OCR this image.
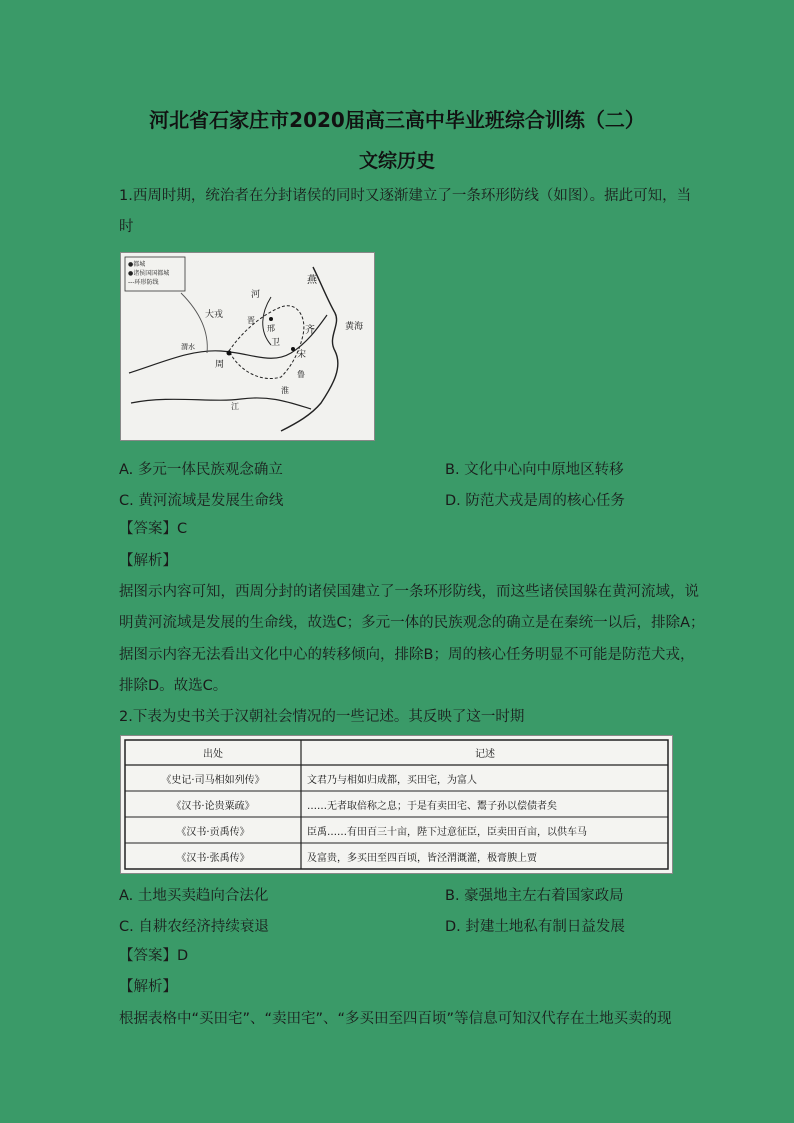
河北省石家庄市2020届高三高中毕业班综合训练（二）
文综历史
1.西周时期，统治者在分封诸侯的同时又逐渐建立了一条环形防线（如图）。据此可知，当
时
●都城
●诸侯国国都城
---环形防线	燕
河
大戎
晋
邢
卫
齐	黄海
宋
渭水
周
鲁
江
淮
A. 多元一体民族观念确立	B. 文化中心向中原地区转移
C. 黄河流域是发展生命线	D. 防范犬戎是周的核心任务
【答案】C
【解析】
据图示内容可知，西周分封的诸侯国建立了一条环形防线，而这些诸侯国躲在黄河流域，说
明黄河流域是发展的生命线，故选C；多元一体的民族观念的确立是在秦统一以后，排除A；
据图示内容无法看出文化中心的转移倾向，排除B；周的核心任务明显不可能是防范犬戎，
排除D。故选C。
2.下表为史书关于汉朝社会情况的一些记述。其反映了这一时期
出处	记述
《史记·司马相如列传》	文君乃与相如归成都，买田宅，为富人
《汉书·论贵粟疏》	……无者取倍称之息；于是有卖田宅、鬻子孙以偿债者矣
《汉书·贡禹传》	臣禹……有田百三十亩，陛下过意征臣，臣卖田百亩，以供车马
《汉书·张禹传》	及富贵，多买田至四百顷，皆泾渭溉灌，极膏腴上贾
A. 土地买卖趋向合法化	B. 豪强地主左右着国家政局
C. 自耕农经济持续衰退	D. 封建土地私有制日益发展
【答案】D
【解析】
根据表格中“买田宅”、“卖田宅”、“多买田至四百顷”等信息可知汉代存在土地买卖的现
